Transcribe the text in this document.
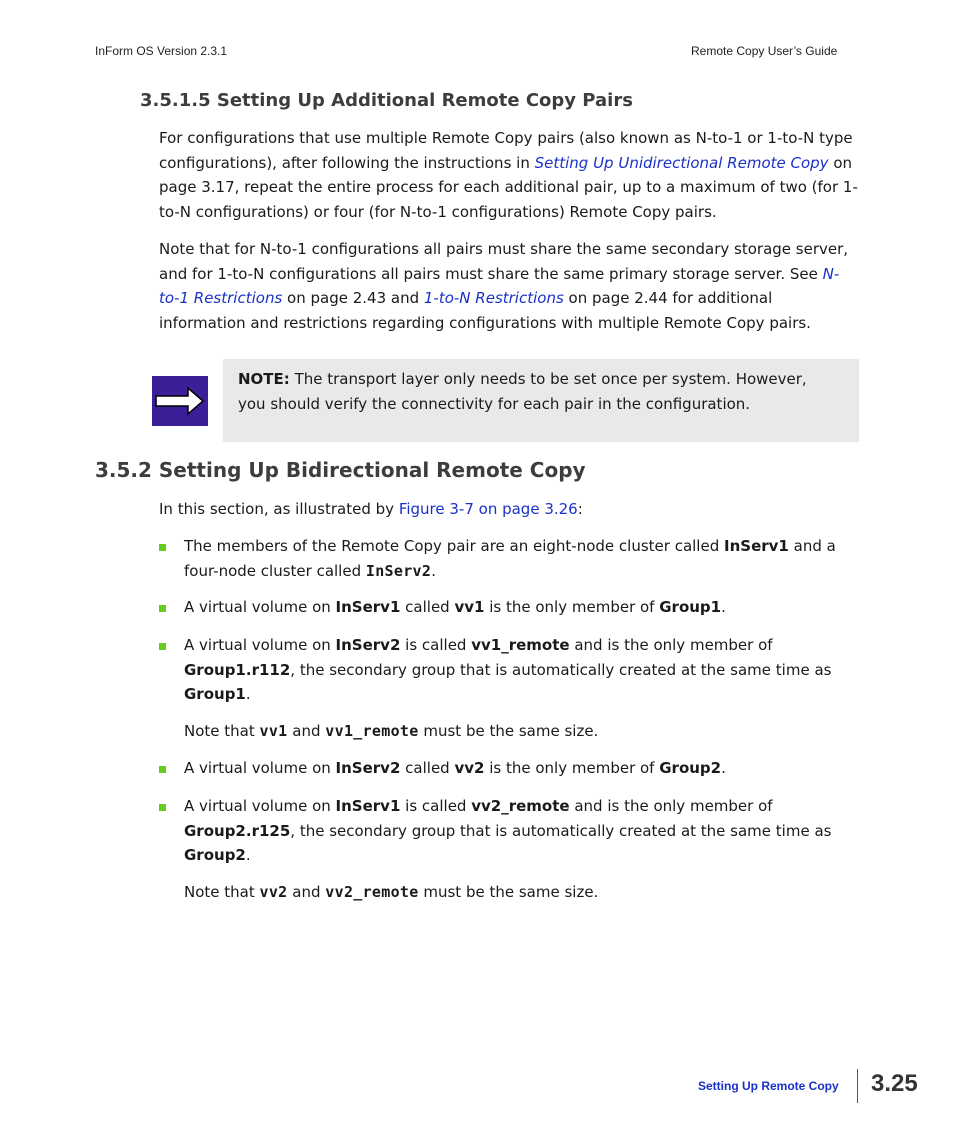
InForm OS Version 2.3.1	Remote Copy User’s Guide
3.5.1.5 Setting Up Additional Remote Copy Pairs

For configurations that use multiple Remote Copy pairs (also known as N-to-1 or 1-to-N type configurations), after following the instructions in Setting Up Unidirectional Remote Copy on page 3.17, repeat the entire process for each additional pair, up to a maximum of two (for 1-to-N configurations) or four (for N-to-1 configurations) Remote Copy pairs.

Note that for N-to-1 configurations all pairs must share the same secondary storage server, and for 1-to-N configurations all pairs must share the same primary storage server. See N-to-1 Restrictions on page 2.43 and 1-to-N Restrictions on page 2.44 for additional information and restrictions regarding configurations with multiple Remote Copy pairs.

NOTE: The transport layer only needs to be set once per system. However, you should verify the connectivity for each pair in the configuration.
3.5.2 Setting Up Bidirectional Remote Copy

In this section, as illustrated by Figure 3-7 on page 3.26:

The members of the Remote Copy pair are an eight-node cluster called InServ1 and a four-node cluster called InServ2.

A virtual volume on InServ1 called vv1 is the only member of Group1.

A virtual volume on InServ2 is called vv1_remote and is the only member of Group1.r112, the secondary group that is automatically created at the same time as Group1.

Note that vv1 and vv1_remote must be the same size.

A virtual volume on InServ2 called vv2 is the only member of Group2.

A virtual volume on InServ1 is called vv2_remote and is the only member of Group2.r125, the secondary group that is automatically created at the same time as Group2.

Note that vv2 and vv2_remote must be the same size.

Setting Up Remote Copy 3.25
